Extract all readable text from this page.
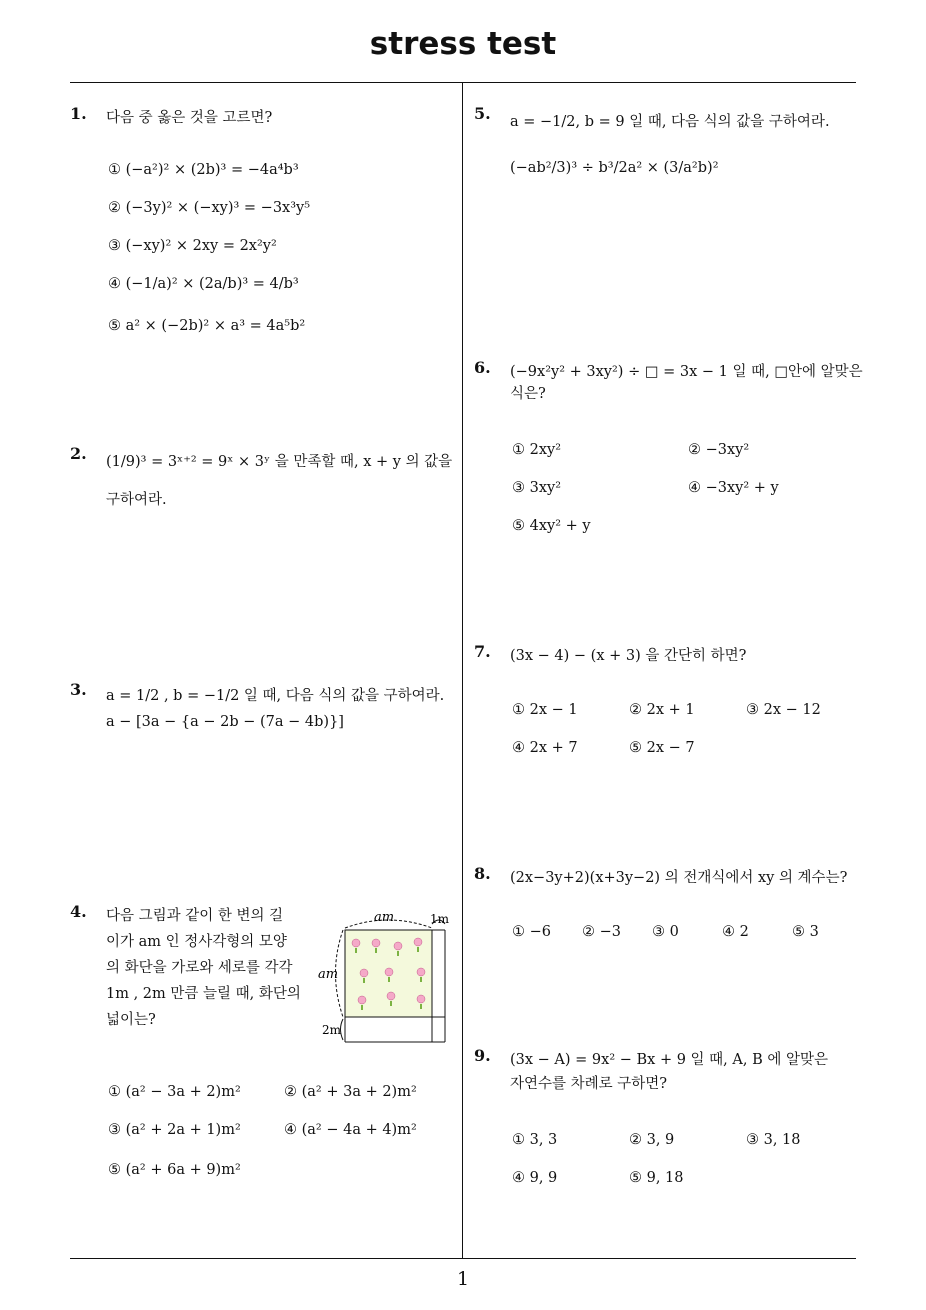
stress test
1
1. 다음 중 옳은 것을 고르면?
① (−a²)² × (2b)³ = −4a⁴b³
② (−3y)² × (−xy)³ = −3x³y⁵
③ (−xy)² × 2xy = 2x²y²
④ (−1/a)² × (2a/b)³ = 4/b³
⑤ a² × (−2b)² × a³ = 4a⁵b²
2. (1/9)³ = 3ˣ⁺² = 9ˣ × 3ʸ 을 만족할 때, x + y 의 값을
구하여라.
3. a = 1/2 , b = −1/2 일 때, 다음 식의 값을 구하여라.
a − [3a − {a − 2b − (7a − 4b)}]
4. 다음 그림과 같이 한 변의 길
이가 am 인 정사각형의 모양
의 화단을 가로와 세로를 각각
1m , 2m 만큼 늘릴 때, 화단의
넓이는?
am	1m
am
2m
① (a² − 3a + 2)m²	② (a² + 3a + 2)m²
③ (a² + 2a + 1)m²	④ (a² − 4a + 4)m²
⑤ (a² + 6a + 9)m²
5. a = −1/2, b = 9 일 때, 다음 식의 값을 구하여라.
(−ab²/3)³ ÷ b³/2a² × (3/a²b)²
6. (−9x²y² + 3xy²) ÷ □ = 3x − 1 일 때, □안에 알맞은
식은?
① 2xy²	② −3xy²
③ 3xy²	④ −3xy² + y
⑤ 4xy² + y
7. (3x − 4) − (x + 3) 을 간단히 하면?
① 2x − 1	② 2x + 1	③ 2x − 12
④ 2x + 7	⑤ 2x − 7
8. (2x−3y+2)(x+3y−2) 의 전개식에서 xy 의 계수는?
① −6 ② −3 ③ 0	④ 2	⑤ 3
9. (3x − A) = 9x² − Bx + 9 일 때, A, B 에 알맞은
자연수를 차례로 구하면?
① 3, 3	② 3, 9	③ 3, 18
④ 9, 9	⑤ 9, 18
